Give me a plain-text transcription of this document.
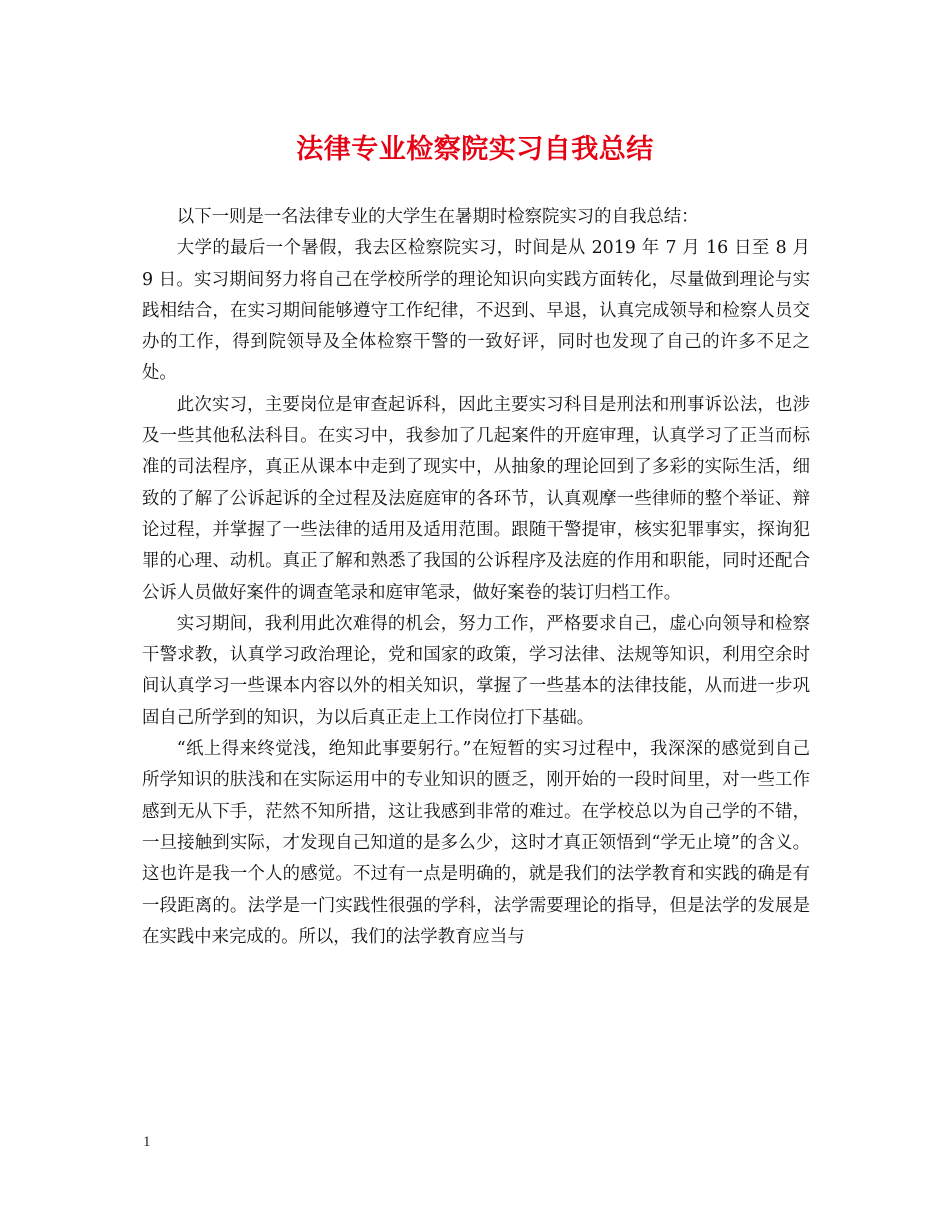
法律专业检察院实习自我总结

以下一则是一名法律专业的大学生在暑期时检察院实习的自我总结：

大学的最后一个暑假，我去区检察院实习，时间是从 2019 年 7 月 16 日至 8 月 9 日。实习期间努力将自己在学校所学的理论知识向实践方面转化，尽量做到理论与实践相结合，在实习期间能够遵守工作纪律，不迟到、早退，认真完成领导和检察人员交办的工作，得到院领导及全体检察干警的一致好评，同时也发现了自己的许多不足之处。

此次实习，主要岗位是审查起诉科，因此主要实习科目是刑法和刑事诉讼法，也涉及一些其他私法科目。在实习中，我参加了几起案件的开庭审理，认真学习了正当而标准的司法程序，真正从课本中走到了现实中，从抽象的理论回到了多彩的实际生活，细致的了解了公诉起诉的全过程及法庭庭审的各环节，认真观摩一些律师的整个举证、辩论过程，并掌握了一些法律的适用及适用范围。跟随干警提审，核实犯罪事实，探询犯罪的心理、动机。真正了解和熟悉了我国的公诉程序及法庭的作用和职能，同时还配合公诉人员做好案件的调查笔录和庭审笔录，做好案卷的装订归档工作。

实习期间，我利用此次难得的机会，努力工作，严格要求自己，虚心向领导和检察干警求教，认真学习政治理论，党和国家的政策，学习法律、法规等知识，利用空余时间认真学习一些课本内容以外的相关知识，掌握了一些基本的法律技能，从而进一步巩固自己所学到的知识，为以后真正走上工作岗位打下基础。

“纸上得来终觉浅，绝知此事要躬行。”在短暂的实习过程中，我深深的感觉到自己所学知识的肤浅和在实际运用中的专业知识的匮乏，刚开始的一段时间里，对一些工作感到无从下手，茫然不知所措，这让我感到非常的难过。在学校总以为自己学的不错，一旦接触到实际，才发现自己知道的是多么少，这时才真正领悟到“学无止境”的含义。这也许是我一个人的感觉。不过有一点是明确的，就是我们的法学教育和实践的确是有一段距离的。法学是一门实践性很强的学科，法学需要理论的指导，但是法学的发展是在实践中来完成的。所以，我们的法学教育应当与

1
